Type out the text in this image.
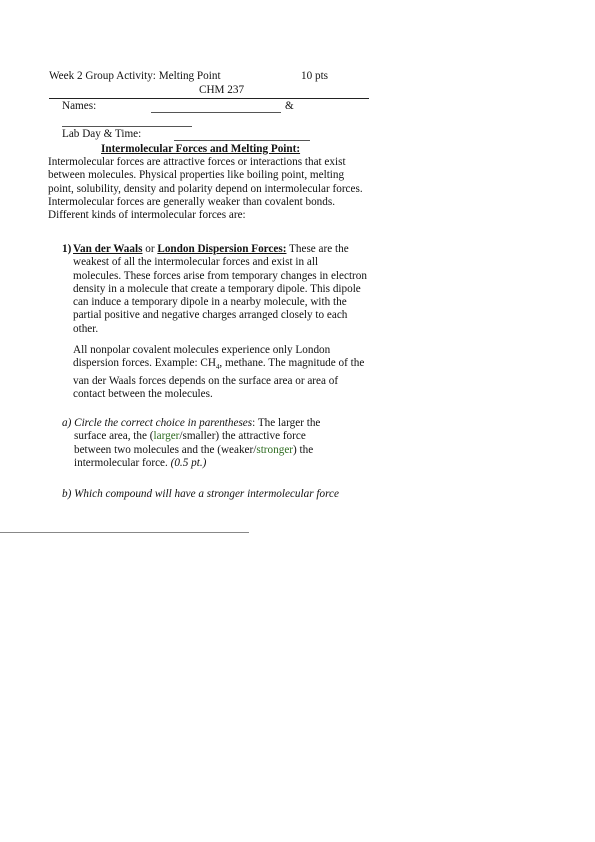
Week 2 Group Activity: Melting Point	10 pts
CHM 237
Names:	&
Lab Day & Time:
Intermolecular Forces and Melting Point:
Intermolecular forces are attractive forces or interactions that exist between molecules. Physical properties like boiling point, melting point, solubility, density and polarity depend on intermolecular forces. Intermolecular forces are generally weaker than covalent bonds. Different kinds of intermolecular forces are:
1) Van der Waals or London Dispersion Forces: These are the weakest of all the intermolecular forces and exist in all molecules. These forces arise from temporary changes in electron density in a molecule that create a temporary dipole. This dipole can induce a temporary dipole in a nearby molecule, with the partial positive and negative charges arranged closely to each other.
All nonpolar covalent molecules experience only London dispersion forces. Example: $CH_4$, methane. The magnitude of the van der Waals forces depends on the surface area or area of contact between the molecules.
a) Circle the correct choice in parentheses: The larger the
surface area, the (larger/smaller) the attractive force
between two molecules and the (weaker/stronger) the
intermolecular force. (0.5 pt.)
b) Which compound will have a stronger intermolecular force
